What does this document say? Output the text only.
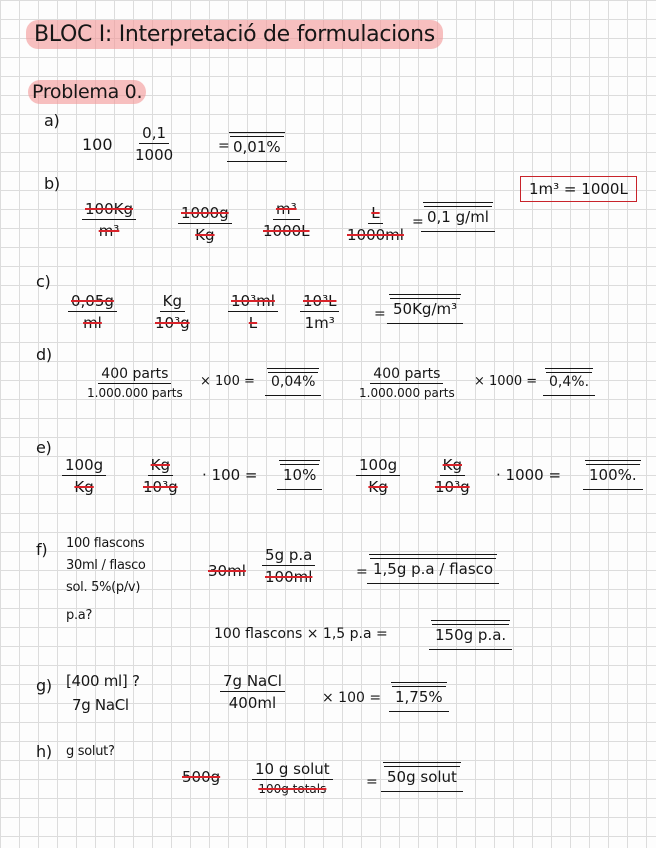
BLOC I: Interpretació de formulacions
Problema 0.
a)
$100 \frac{0,1}{1000}$	= 0,01%
b)
$\frac{100Kg}{\text{m³}}$	$\frac{1000g}{Kg} \frac{\text{m³}}{1000L} \frac{L}{1000ml} = 0,1$ g/ml
1m³ = 1000L
c)
$\frac{0,05g}{ml} \frac{Kg}{\text{10³g}} \frac{\text{10³ml}}{L} \frac{\text{10³L}}{\text{1m³}} = 50Kg/m^3$
d)
400 parts
1.000.000 parts
× 100 = 0,04%	400 parts
1.000.000 parts
× 1000 = 0,4%.
e)
$\frac{100g}{Kg} \frac{Kg}{\text{10³g}} \cdot 100 = 10\%$	$\frac{100g}{Kg} \frac{Kg}{\text{10³g}} \cdot 1000 = 100\%$.
f) 100 flascons
30ml / flasco
sol. 5%(p/v)
p.a?
$30ml \frac{\text{5g p.a}}{100ml}$	= 1,5g p.a / flasco
100 flascons × 1,5 p.a =	150g p.a.
g) [400 ml] ?
7g NaCl
7g NaCl
400ml	× 100 = 1,75%
h) g solut?
500g 10 g solut
100g totals	= 50g solut
